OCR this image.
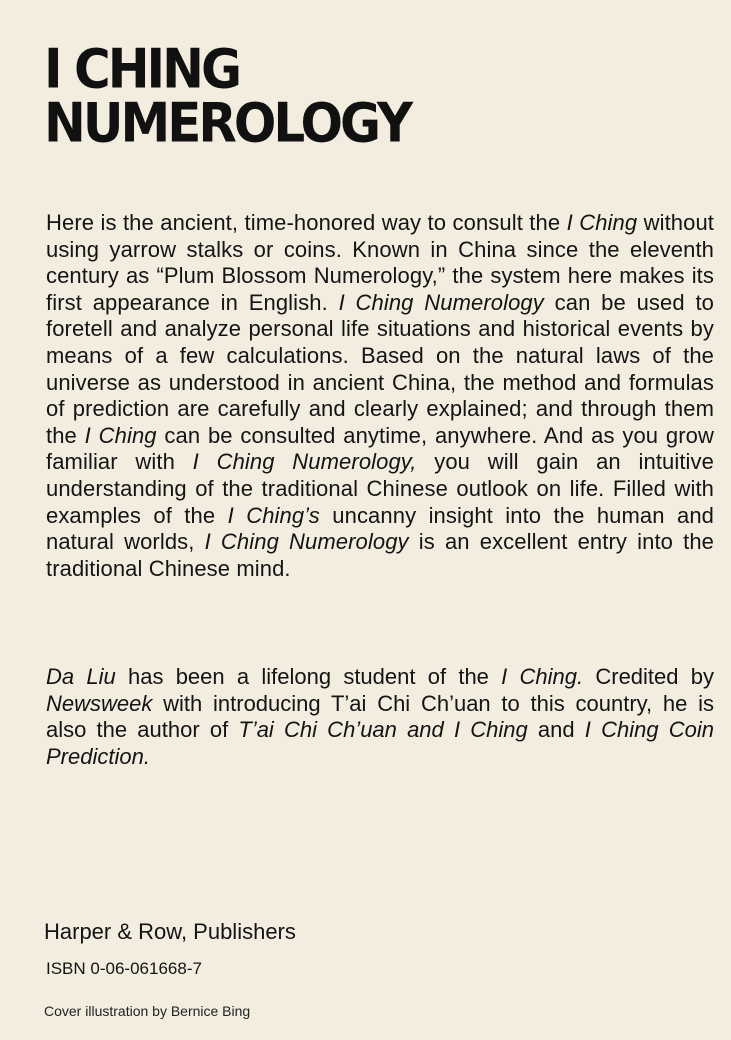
I CHING
NUMEROLOGY

Here is the ancient, time-honored way to consult the I Ching without using yarrow stalks or coins. Known in China since the eleventh century as “Plum Blossom Numerology,” the system here makes its first appearance in English. I Ching Numerology can be used to foretell and analyze personal life situations and historical events by means of a few calculations. Based on the natural laws of the universe as understood in ancient China, the method and formulas of prediction are carefully and clearly explained; and through them the I Ching can be consulted anytime, anywhere. And as you grow familiar with I Ching Numerology, you will gain an intuitive understanding of the traditional Chinese outlook on life. Filled with examples of the I Ching’s uncanny insight into the human and natural worlds, I Ching Numerology is an excellent entry into the traditional Chinese mind.

Da Liu has been a lifelong student of the I Ching. Credited by Newsweek with introducing T’ai Chi Ch’uan to this country, he is also the author of T’ai Chi Ch’uan and I Ching and I Ching Coin Prediction.

Harper & Row, Publishers
ISBN 0-06-061668-7
Cover illustration by Bernice Bing
